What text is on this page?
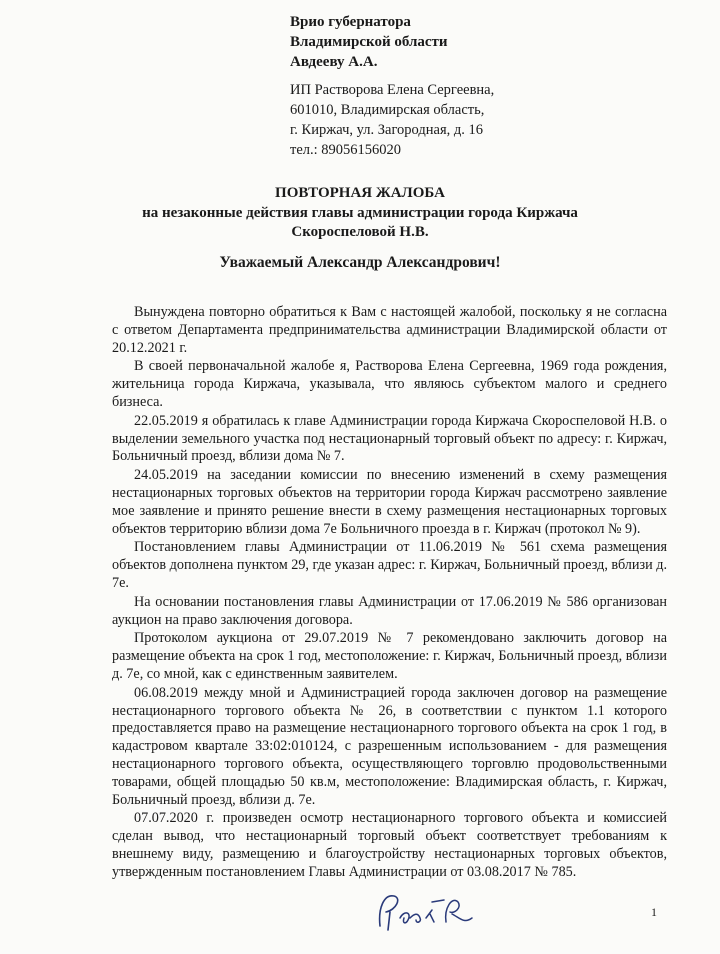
Врио губернатора
Владимирской области
Авдееву А.А.
ИП Растворова Елена Сергеевна,
601010, Владимирская область,
г. Киржач, ул. Загородная, д. 16
тел.: 89056156020
ПОВТОРНАЯ ЖАЛОБА
на незаконные действия главы администрации города Киржача
Скороспеловой Н.В.
Уважаемый Александр Александрович!

Вынуждена повторно обратиться к Вам с настоящей жалобой, поскольку я не согласна с ответом Департамента предпринимательства администрации Владимирской области от 20.12.2021 г.

В своей первоначальной жалобе я, Растворова Елена Сергеевна, 1969 года рождения, жительница города Киржача, указывала, что являюсь субъектом малого и среднего бизнеса.

22.05.2019 я обратилась к главе Администрации города Киржача Скороспеловой Н.В. о выделении земельного участка под нестационарный торговый объект по адресу: г. Киржач, Больничный проезд, вблизи дома № 7.

24.05.2019 на заседании комиссии по внесению изменений в схему размещения нестационарных торговых объектов на территории города Киржач рассмотрено заявление мое заявление и принято решение внести в схему размещения нестационарных торговых объектов территорию вблизи дома 7е Больничного проезда в г. Киржач (протокол № 9).

Постановлением главы Администрации от 11.06.2019 № 561 схема размещения объектов дополнена пунктом 29, где указан адрес: г. Киржач, Больничный проезд, вблизи д. 7е.

На основании постановления главы Администрации от 17.06.2019 № 586 организован аукцион на право заключения договора.

Протоколом аукциона от 29.07.2019 № 7 рекомендовано заключить договор на размещение объекта на срок 1 год, местоположение: г. Киржач, Больничный проезд, вблизи д. 7е, со мной, как с единственным заявителем.

06.08.2019 между мной и Администрацией города заключен договор на размещение нестационарного торгового объекта № 26, в соответствии с пунктом 1.1 которого предоставляется право на размещение нестационарного торгового объекта на срок 1 год, в кадастровом квартале 33:02:010124, с разрешенным использованием - для размещения нестационарного торгового объекта, осуществляющего торговлю продовольственными товарами, общей площадью 50 кв.м, местоположение: Владимирская область, г. Киржач, Больничный проезд, вблизи д. 7е.

07.07.2020 г. произведен осмотр нестационарного торгового объекта и комиссией сделан вывод, что нестационарный торговый объект соответствует требованиям к внешнему виду, размещению и благоустройству нестационарных торговых объектов, утвержденным постановлением Главы Администрации от 03.08.2017 № 785.

1
